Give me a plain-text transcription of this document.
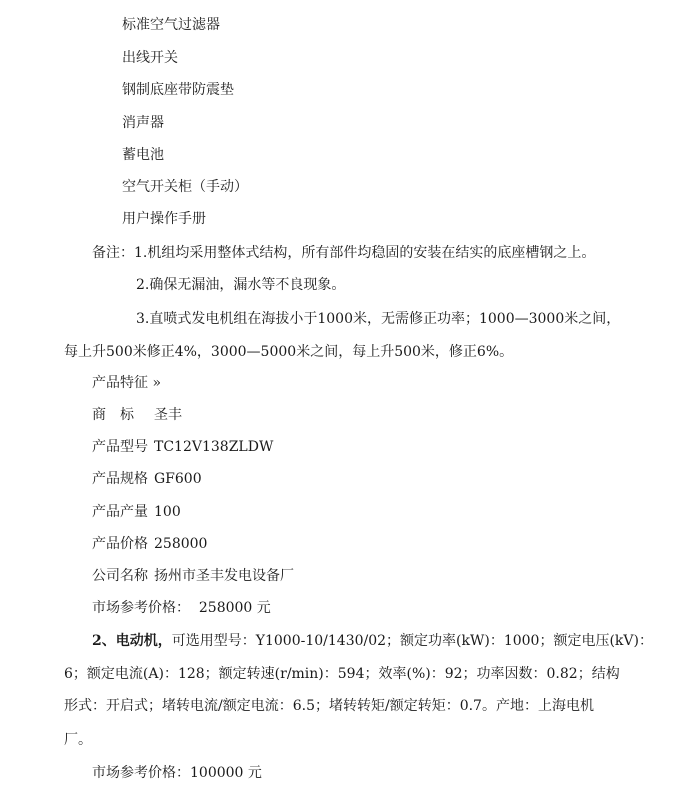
标准空气过滤器
出线开关
钢制底座带防震垫
消声器
蓄电池
空气开关柜（手动）
用户操作手册
备注：1.机组均采用整体式结构，所有部件均稳固的安装在结实的底座槽钢之上。
2.确保无漏油，漏水等不良现象。
3.直喷式发电机组在海拔小于1000米，无需修正功率；1000—3000米之间，
每上升500米修正4%，3000—5000米之间，每上升500米，修正6%。
产品特征 »
商　标 圣丰
产品型号 TC12V138ZLDW
产品规格 GF600
产品产量 100
产品价格 258000
公司名称 扬州市圣丰发电设备厂
市场参考价格：  258000 元
2、电动机，可选用型号：Y1000-10/1430/02；额定功率(kW)：1000；额定电压(kV)：
6；额定电流(A)：128；额定转速(r/min)：594；效率(%)：92；功率因数：0.82；结构
形式：开启式；堵转电流/额定电流：6.5；堵转转矩/额定转矩：0.7。产地：上海电机
厂。
市场参考价格：100000 元
